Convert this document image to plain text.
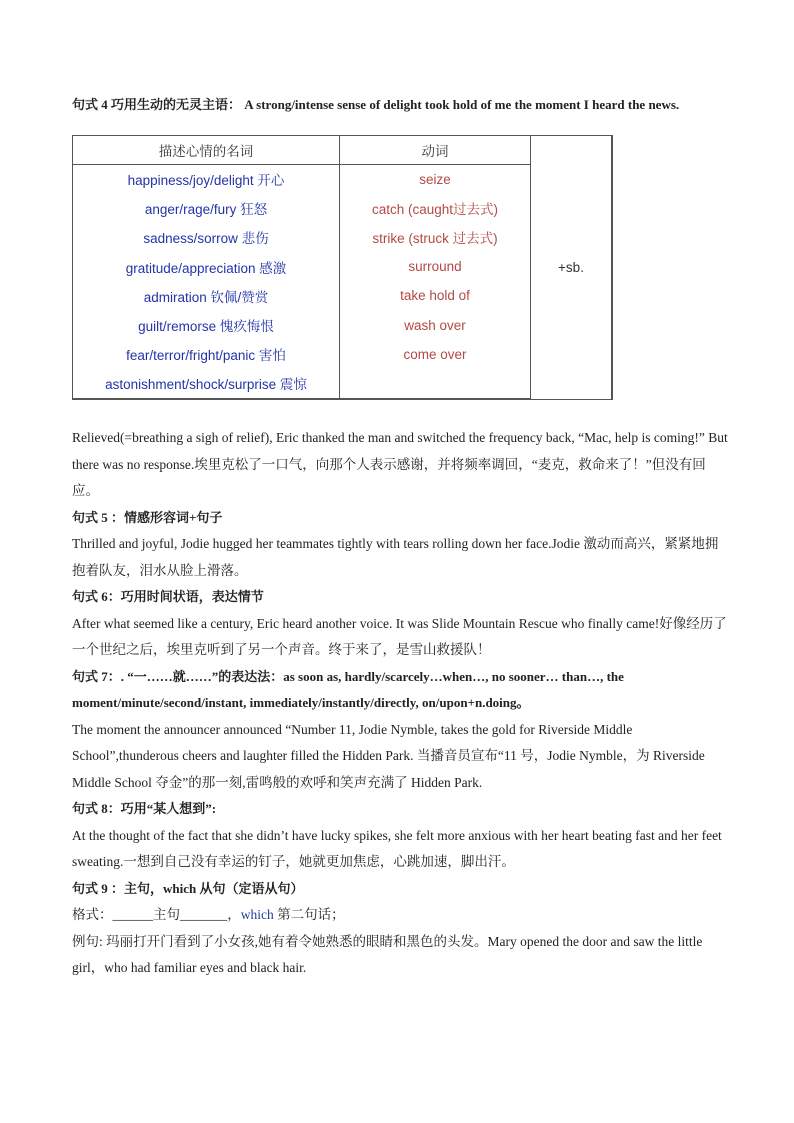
句式 4 巧用生动的无灵主语： A strong/intense sense of delight took hold of me the moment I heard the news.

描述心情的名词	动词	+sb.
happiness/joy/delight 开心	seize	
anger/rage/fury 狂怒	catch (caught过去式)	
sadness/sorrow 悲伤	strike (struck 过去式)	
gratitude/appreciation 感激	surround	
admiration 钦佩/赞赏	take hold of	
guilt/remorse 愧疚悔恨	wash over	
fear/terror/fright/panic 害怕	come over	
astonishment/shock/surprise 震惊		

Relieved(=breathing a sigh of relief), Eric thanked the man and switched the frequency back, “Mac, help is coming!” But there was no response.埃里克松了一口气，向那个人表示感谢，并将频率调回，“麦克，救命来了！”但没有回应。

句式 5 ：情感形容词+句子

Thrilled and joyful, Jodie hugged her teammates tightly with tears rolling down her face.Jodie 激动而高兴，紧紧地拥抱着队友，泪水从脸上滑落。

句式 6：巧用时间状语，表达情节

After what seemed like a century, Eric heard another voice. It was Slide Mountain Rescue who finally came!好像经历了一个世纪之后，埃里克听到了另一个声音。终于来了，是雪山救援队！

句式 7：. “一……就……”的表达法：as soon as, hardly/scarcely…when…, no sooner… than…, the moment/minute/second/instant, immediately/instantly/directly, on/upon+n.doing。

The moment the announcer announced “Number 11, Jodie Nymble, takes the gold for Riverside Middle School”,thunderous cheers and laughter filled the Hidden Park. 当播音员宣布“11 号，Jodie Nymble，为 Riverside Middle School 夺金”的那一刻,雷鸣般的欢呼和笑声充满了 Hidden Park.

句式 8：巧用“某人想到”:

At the thought of the fact that she didn’t have lucky spikes, she felt more anxious with her heart beating fast and her feet sweating.一想到自己没有幸运的钉子，她就更加焦虑，心跳加速，脚出汗。

句式 9 ：主句，which 从句（定语从句）

格式：______主句_______，which 第二句话；

例句: 玛丽打开门看到了小女孩,她有着令她熟悉的眼睛和黑色的头发。Mary opened the door and saw the little girl，who had familiar eyes and black hair.
